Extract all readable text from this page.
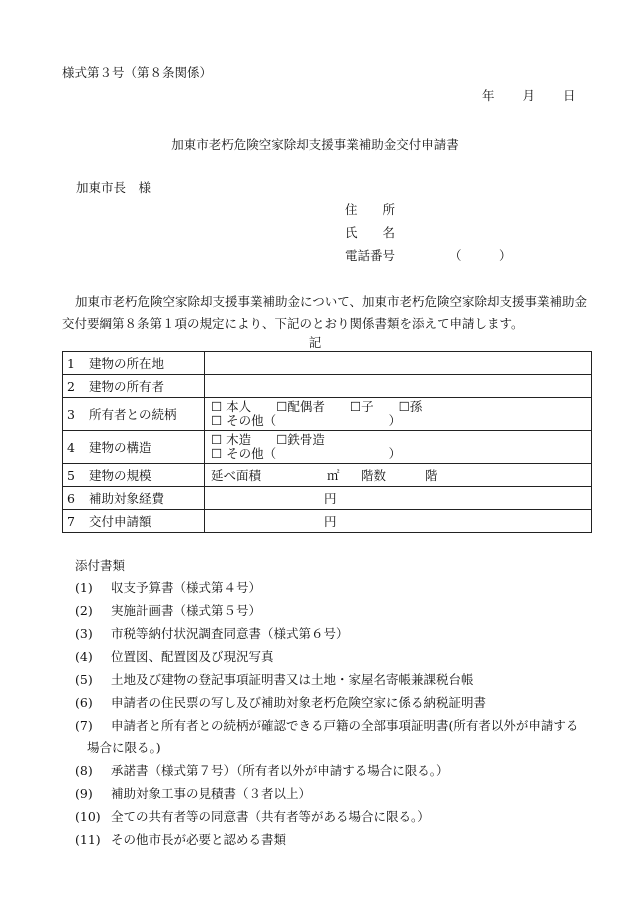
様式第３号（第８条関係）
年 月 日
加東市老朽危険空家除却支援事業補助金交付申請書
加東市長　様
住　　所
氏　　名
電話番号	（　　　）
加東市老朽危険空家除却支援事業補助金について、加東市老朽危険空家除却支援事業補助金交付要綱第８条第１項の規定により、下記のとおり関係書類を添えて申請します。
記
1 建物の所在地	
2 建物の所有者	
3 所有者との続柄	☐ 本人　　☐配偶者　　☐子　　☐孫
☐ その他（　　　　　　　　　）

4 建物の構造	☐ 木造　　☐鉄骨造
☐ その他（　　　　　　　　　）

5 建物の規模	延べ面積 ㎡ 階数 階
6 補助対象経費	円
7 交付申請額	円
添付書類
(1) 収支予算書（様式第４号）
(2) 実施計画書（様式第５号）
(3) 市税等納付状況調査同意書（様式第６号）
(4) 位置図、配置図及び現況写真
(5) 土地及び建物の登記事項証明書又は土地・家屋名寄帳兼課税台帳
(6) 申請者の住民票の写し及び補助対象老朽危険空家に係る納税証明書
(7) 申請者と所有者との続柄が確認できる戸籍の全部事項証明書(所有者以外が申請する
場合に限る。)
(8) 承諾書（様式第７号）（所有者以外が申請する場合に限る。）
(9) 補助対象工事の見積書（３者以上）
(10) 全ての共有者等の同意書（共有者等がある場合に限る。）
(11) その他市長が必要と認める書類
